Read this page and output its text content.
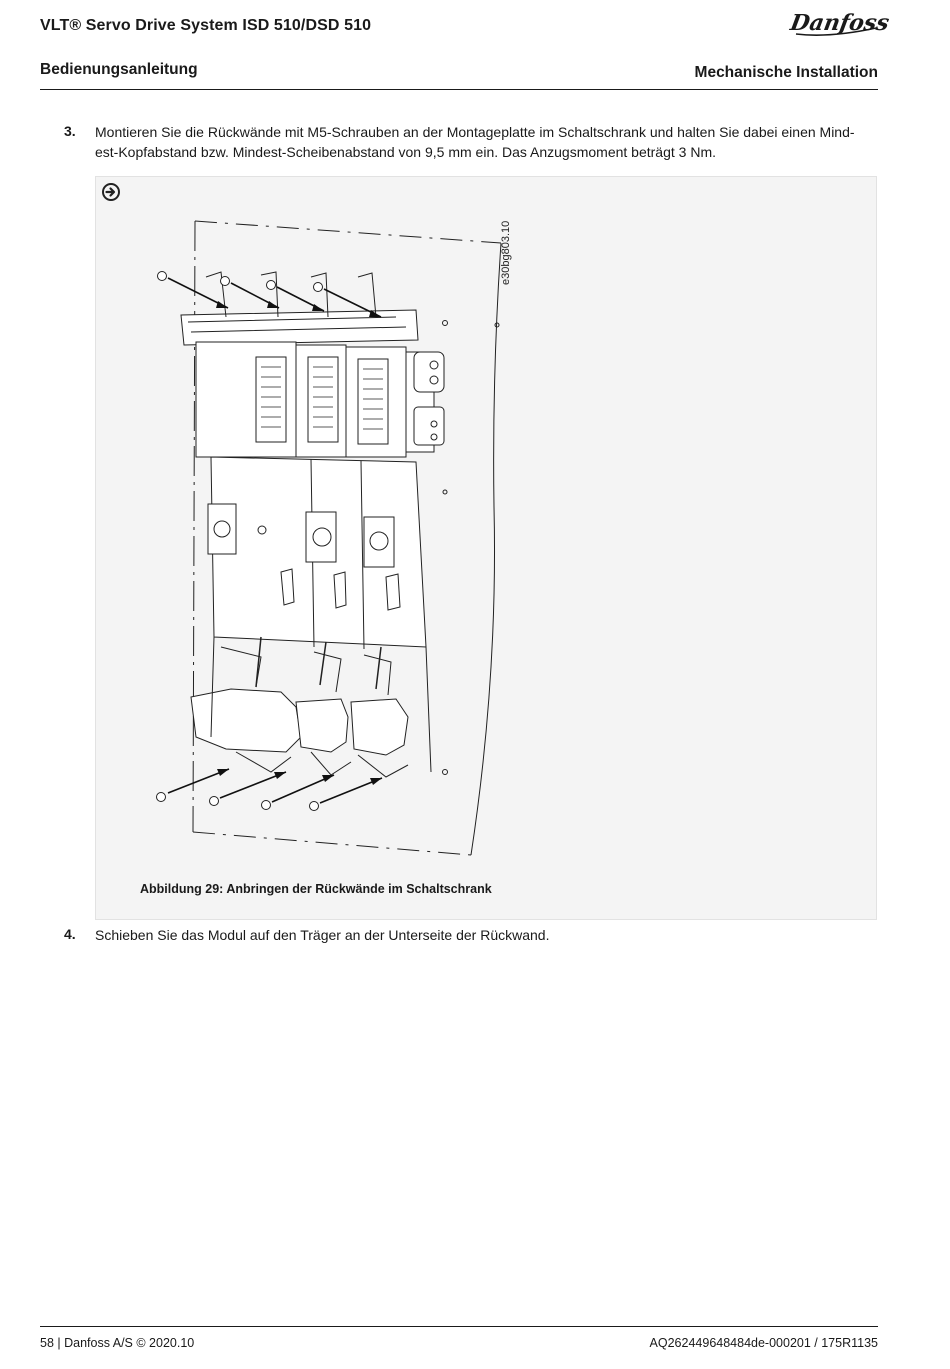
VLT® Servo Drive System ISD 510/DSD 510	Danfoss
Bedienungsanleitung	Mechanische Installation
3. Montieren Sie die Rückwände mit M5-Schrauben an der Montageplatte im Schaltschrank und halten Sie dabei einen Mind-
est-Kopfabstand bzw. Mindest-Scheibenabstand von 9,5 mm ein. Das Anzugsmoment beträgt 3 Nm.
e30bg803.10
Abbildung 29: Anbringen der Rückwände im Schaltschrank
4. Schieben Sie das Modul auf den Träger an der Unterseite der Rückwand.
58 | Danfoss A/S © 2020.10	AQ262449648484de-000201 / 175R1135
